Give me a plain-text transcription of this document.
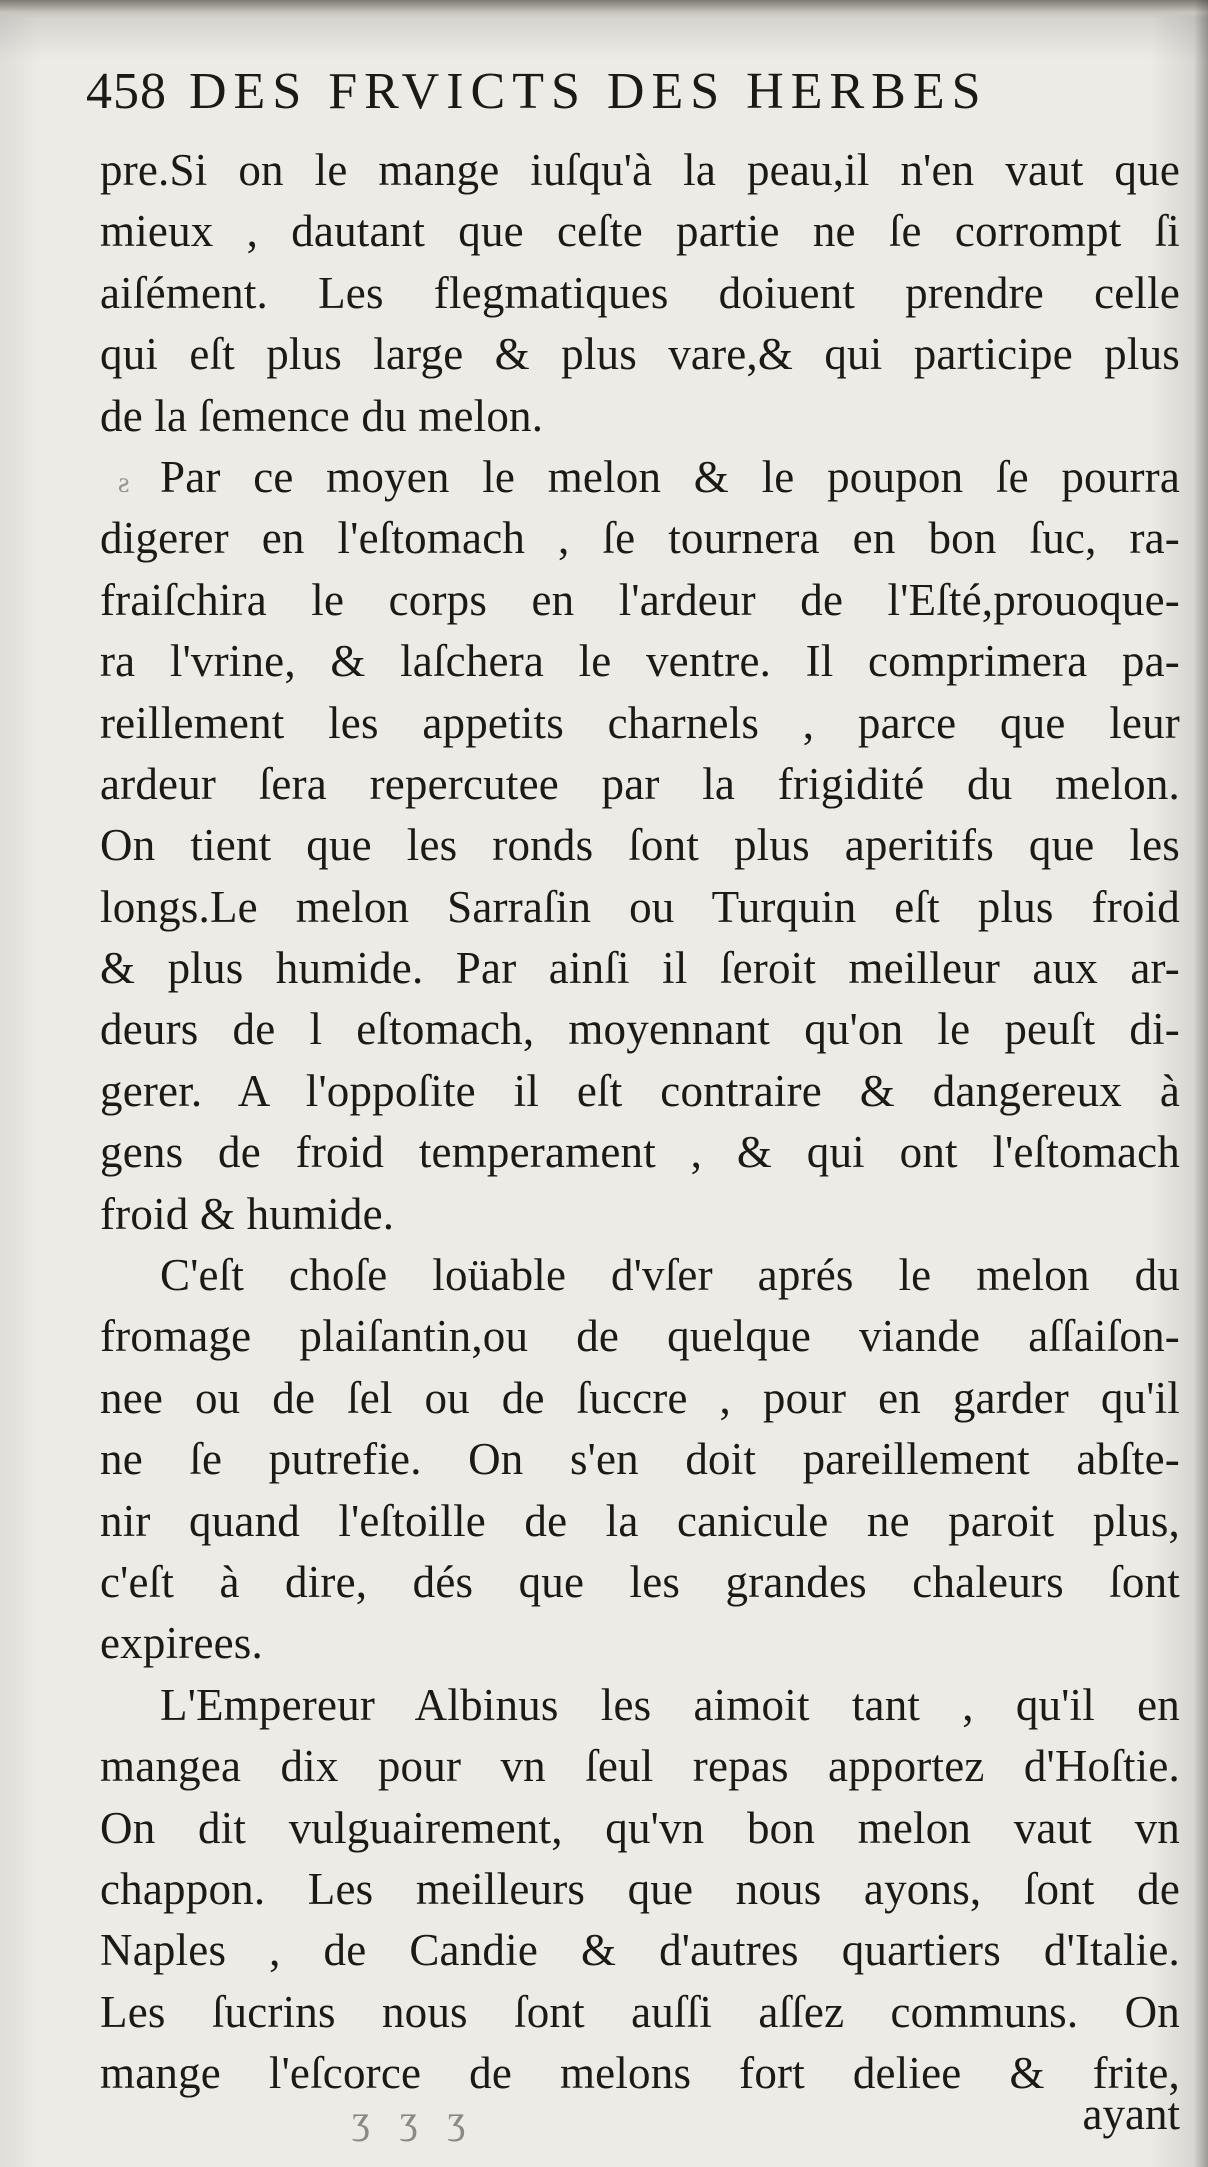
458 DES FRVICTS DES HERBES
ƨ
pre.Si on le mange iuſqu'à la peau,il n'en vaut que
mieux , dautant que ceſte partie ne ſe corrompt ſi
aiſément. Les flegmatiques doiuent prendre celle
qui eſt plus large & plus vare,& qui participe plus
de la ſemence du melon.
Par ce moyen le melon & le poupon ſe pourra
digerer en l'eſtomach , ſe tournera en bon ſuc, ra-
fraiſchira le corps en l'ardeur de l'Eſté,prouoque-
ra l'vrine, & laſchera le ventre. Il comprimera pa-
reillement les appetits charnels , parce que leur
ardeur ſera repercutee par la frigidité du melon.
On tient que les ronds ſont plus aperitifs que les
longs.Le melon Sarraſin ou Turquin eſt plus froid
& plus humide. Par ainſi il ſeroit meilleur aux ar-
deurs de l eſtomach, moyennant qu'on le peuſt di-
gerer. A l'oppoſite il eſt contraire & dangereux à
gens de froid temperament , & qui ont l'eſtomach
froid & humide.
C'eſt choſe loüable d'vſer aprés le melon du
fromage plaiſantin,ou de quelque viande aſſaiſon-
nee ou de ſel ou de ſuccre , pour en garder qu'il
ne ſe putrefie. On s'en doit pareillement abſte-
nir quand l'eſtoille de la canicule ne paroit plus,
c'eſt à dire, dés que les grandes chaleurs ſont
expirees.
L'Empereur Albinus les aimoit tant , qu'il en
mangea dix pour vn ſeul repas apportez d'Hoſtie.
On dit vulguairement, qu'vn bon melon vaut vn
chappon. Les meilleurs que nous ayons, ſont de
Naples , de Candie & d'autres quartiers d'Italie.
Les ſucrins nous ſont auſſi aſſez communs. On
mange l'eſcorce de melons fort deliee & frite,
ʒ ʒ ʒ	ayant
